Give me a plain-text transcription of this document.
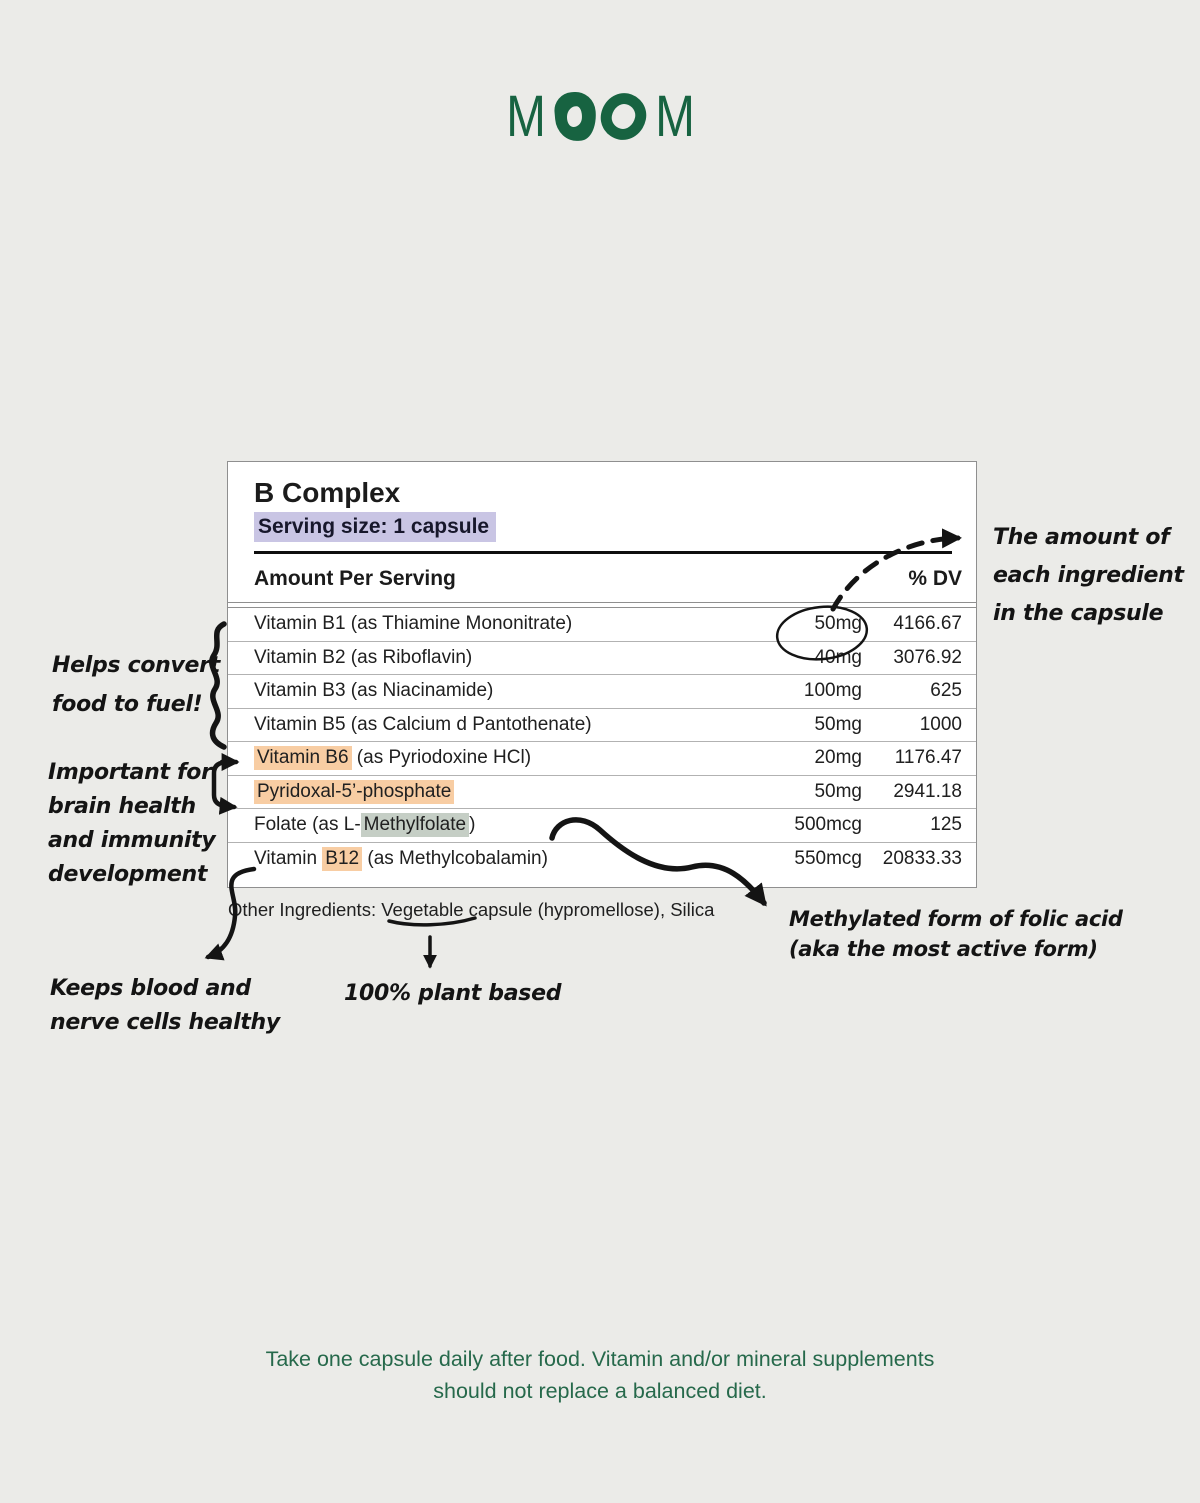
M M
B Complex
Serving size: 1 capsule
Amount Per Serving	% DV
Vitamin B1 (as Thiamine Mononitrate)	50mg	4166.67
Vitamin B2 (as Riboflavin)	40mg	3076.92
Vitamin B3 (as Niacinamide)	100mg	625
Vitamin B5 (as Calcium d Pantothenate)	50mg	1000
Vitamin B6 (as Pyriodoxine HCl)	20mg	1176.47
Pyridoxal-5’-phosphate	50mg	2941.18
Folate (as L- Methylfolate )	500mcg	125
Vitamin B12 (as Methylcobalamin)	550mcg	20833.33
Other Ingredients: Vegetable capsule (hypromellose), Silica
The amount of
each ingredient
in the capsule
Helps convert
food to fuel!
Important for
brain health
and immunity
development
Keeps blood and
nerve cells healthy
100% plant based
Methylated form of folic acid
(aka the most active form)
Take one capsule daily after food. Vitamin and/or mineral supplements
should not replace a balanced diet.
